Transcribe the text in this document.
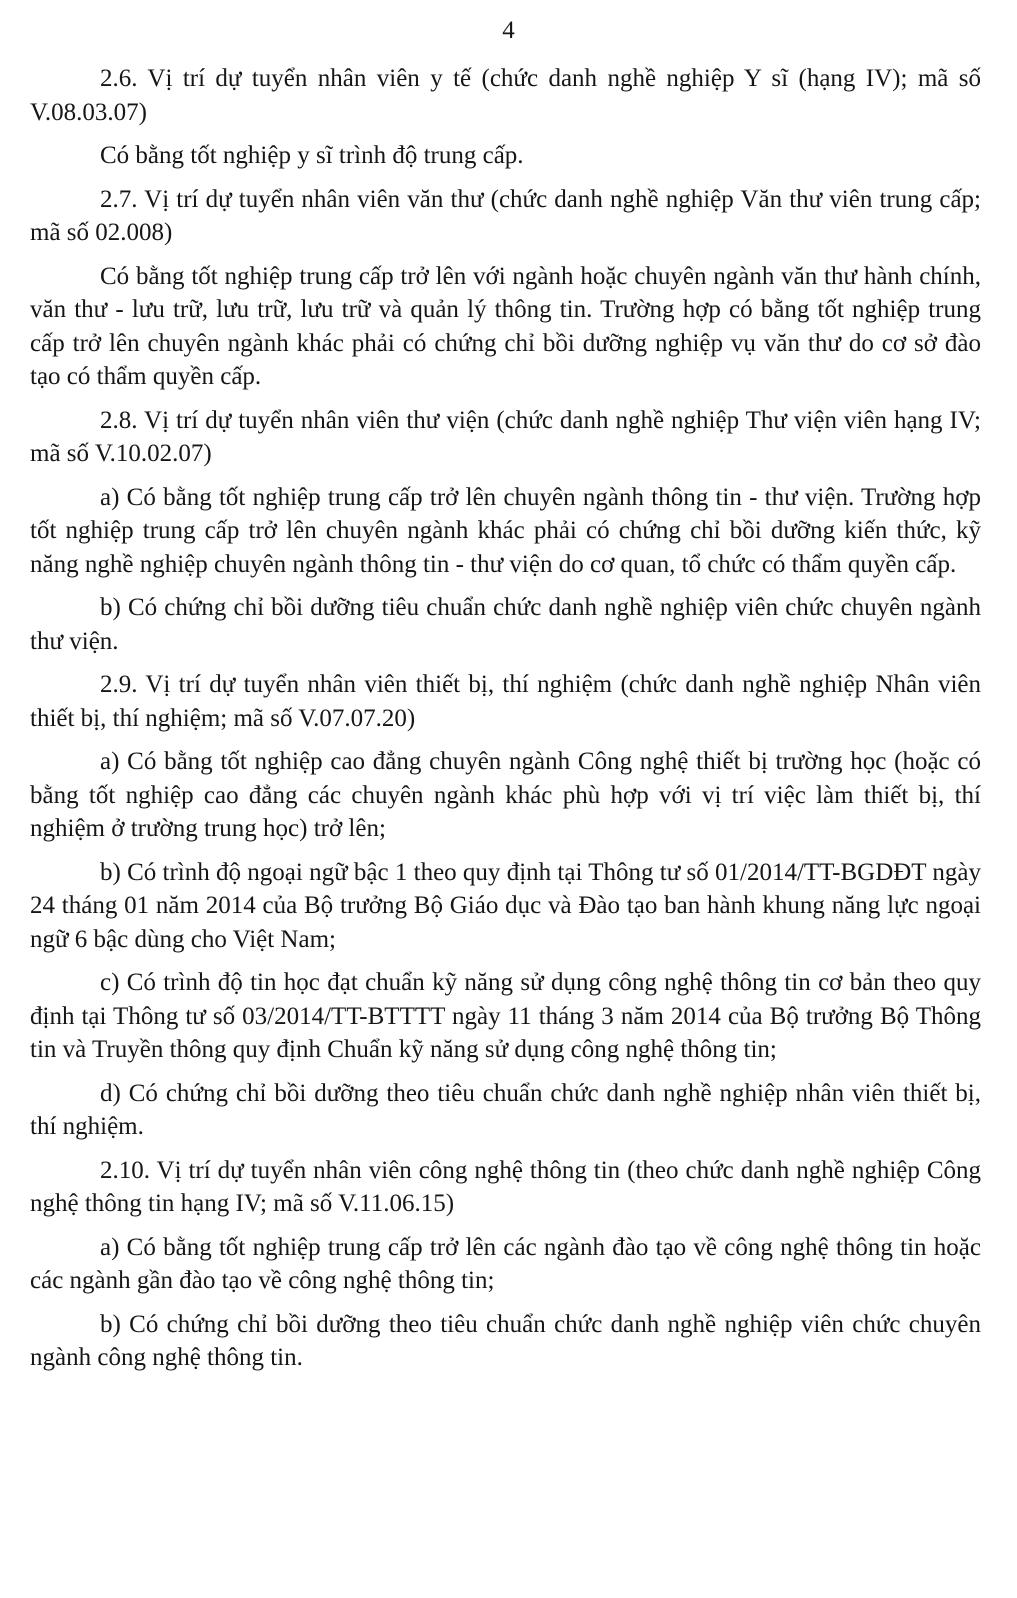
4

2.6. Vị trí dự tuyển nhân viên y tế (chức danh nghề nghiệp Y sĩ (hạng IV); mã số V.08.03.07)

Có bằng tốt nghiệp y sĩ trình độ trung cấp.

2.7. Vị trí dự tuyển nhân viên văn thư (chức danh nghề nghiệp Văn thư viên trung cấp; mã số 02.008)

Có bằng tốt nghiệp trung cấp trở lên với ngành hoặc chuyên ngành văn thư hành chính, văn thư - lưu trữ, lưu trữ, lưu trữ và quản lý thông tin. Trường hợp có bằng tốt nghiệp trung cấp trở lên chuyên ngành khác phải có chứng chỉ bồi dưỡng nghiệp vụ văn thư do cơ sở đào tạo có thẩm quyền cấp.

2.8. Vị trí dự tuyển nhân viên thư viện (chức danh nghề nghiệp Thư viện viên hạng IV; mã số V.10.02.07)

a) Có bằng tốt nghiệp trung cấp trở lên chuyên ngành thông tin - thư viện. Trường hợp tốt nghiệp trung cấp trở lên chuyên ngành khác phải có chứng chỉ bồi dưỡng kiến thức, kỹ năng nghề nghiệp chuyên ngành thông tin - thư viện do cơ quan, tổ chức có thẩm quyền cấp.

b) Có chứng chỉ bồi dưỡng tiêu chuẩn chức danh nghề nghiệp viên chức chuyên ngành thư viện.

2.9. Vị trí dự tuyển nhân viên thiết bị, thí nghiệm (chức danh nghề nghiệp Nhân viên thiết bị, thí nghiệm; mã số V.07.07.20)

a) Có bằng tốt nghiệp cao đẳng chuyên ngành Công nghệ thiết bị trường học (hoặc có bằng tốt nghiệp cao đẳng các chuyên ngành khác phù hợp với vị trí việc làm thiết bị, thí nghiệm ở trường trung học) trở lên;

b) Có trình độ ngoại ngữ bậc 1 theo quy định tại Thông tư số 01/2014/TT-BGDĐT ngày 24 tháng 01 năm 2014 của Bộ trưởng Bộ Giáo dục và Đào tạo ban hành khung năng lực ngoại ngữ 6 bậc dùng cho Việt Nam;

c) Có trình độ tin học đạt chuẩn kỹ năng sử dụng công nghệ thông tin cơ bản theo quy định tại Thông tư số 03/2014/TT-BTTTT ngày 11 tháng 3 năm 2014 của Bộ trưởng Bộ Thông tin và Truyền thông quy định Chuẩn kỹ năng sử dụng công nghệ thông tin;

d) Có chứng chỉ bồi dưỡng theo tiêu chuẩn chức danh nghề nghiệp nhân viên thiết bị, thí nghiệm.

2.10. Vị trí dự tuyển nhân viên công nghệ thông tin (theo chức danh nghề nghiệp Công nghệ thông tin hạng IV; mã số V.11.06.15)

a) Có bằng tốt nghiệp trung cấp trở lên các ngành đào tạo về công nghệ thông tin hoặc các ngành gần đào tạo về công nghệ thông tin;

b) Có chứng chỉ bồi dưỡng theo tiêu chuẩn chức danh nghề nghiệp viên chức chuyên ngành công nghệ thông tin.
